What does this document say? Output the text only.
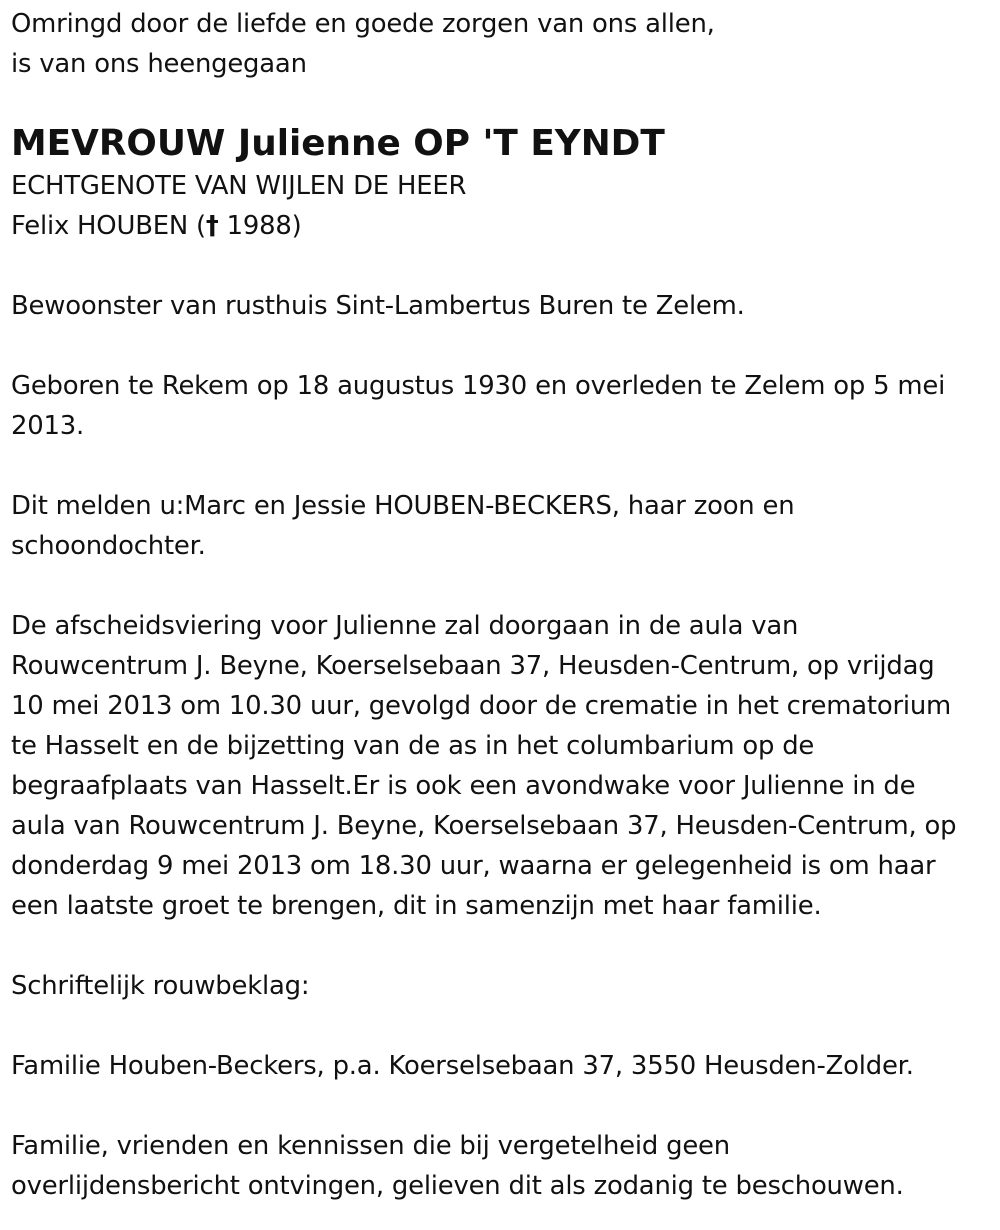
Omringd door de liefde en goede zorgen van ons allen,
is van ons heengegaan
MEVROUW Julienne OP 'T EYNDT
ECHTGENOTE VAN WIJLEN DE HEER
Felix HOUBEN († 1988)
Bewoonster van rusthuis Sint-Lambertus Buren te Zelem.
Geboren te Rekem op 18 augustus 1930 en overleden te Zelem op 5 mei
2013.
Dit melden u:Marc en Jessie HOUBEN-BECKERS, haar zoon en
schoondochter.
De afscheidsviering voor Julienne zal doorgaan in de aula van
Rouwcentrum J. Beyne, Koerselsebaan 37, Heusden-Centrum, op vrijdag
10 mei 2013 om 10.30 uur, gevolgd door de crematie in het crematorium
te Hasselt en de bijzetting van de as in het columbarium op de
begraafplaats van Hasselt.Er is ook een avondwake voor Julienne in de
aula van Rouwcentrum J. Beyne, Koerselsebaan 37, Heusden-Centrum, op
donderdag 9 mei 2013 om 18.30 uur, waarna er gelegenheid is om haar
een laatste groet te brengen, dit in samenzijn met haar familie.
Schriftelijk rouwbeklag:
Familie Houben-Beckers, p.a. Koerselsebaan 37, 3550 Heusden-Zolder.
Familie, vrienden en kennissen die bij vergetelheid geen
overlijdensbericht ontvingen, gelieven dit als zodanig te beschouwen.
